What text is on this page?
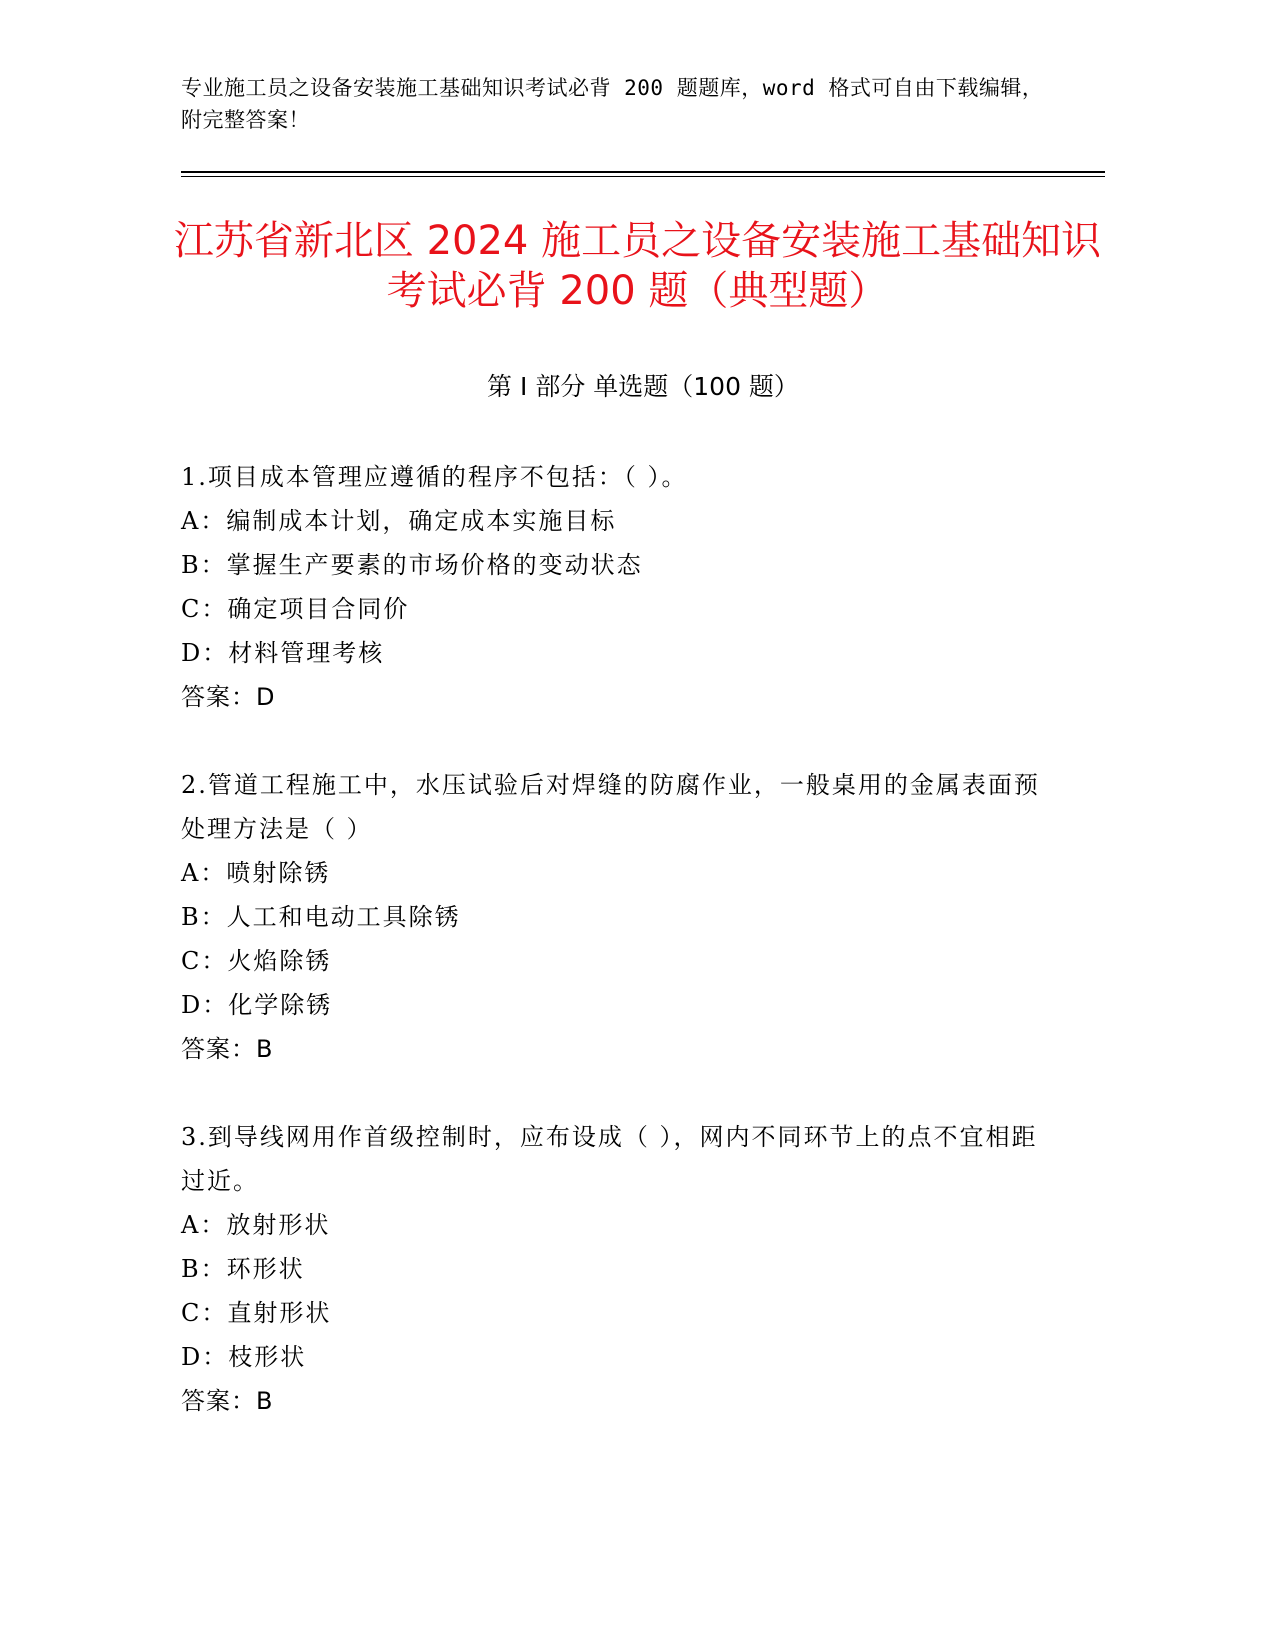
专业施工员之设备安装施工基础知识考试必背 200 题题库，word 格式可自由下载编辑，附完整答案！
江苏省新北区 2024 施工员之设备安装施工基础知识考试必背 200 题（典型题）
第 I 部分 单选题（100 题）
1.项目成本管理应遵循的程序不包括：（ ）。
A：编制成本计划，确定成本实施目标
B：掌握生产要素的市场价格的变动状态
C：确定项目合同价
D：材料管理考核
答案：D
2.管道工程施工中，水压试验后对焊缝的防腐作业，一般桌用的金属表面预处理方法是（ ）
A：喷射除锈
B：人工和电动工具除锈
C：火焰除锈
D：化学除锈
答案：B
3.到导线网用作首级控制时，应布设成（ ），网内不同环节上的点不宜相距过近。
A：放射形状
B：环形状
C：直射形状
D：枝形状
答案：B
